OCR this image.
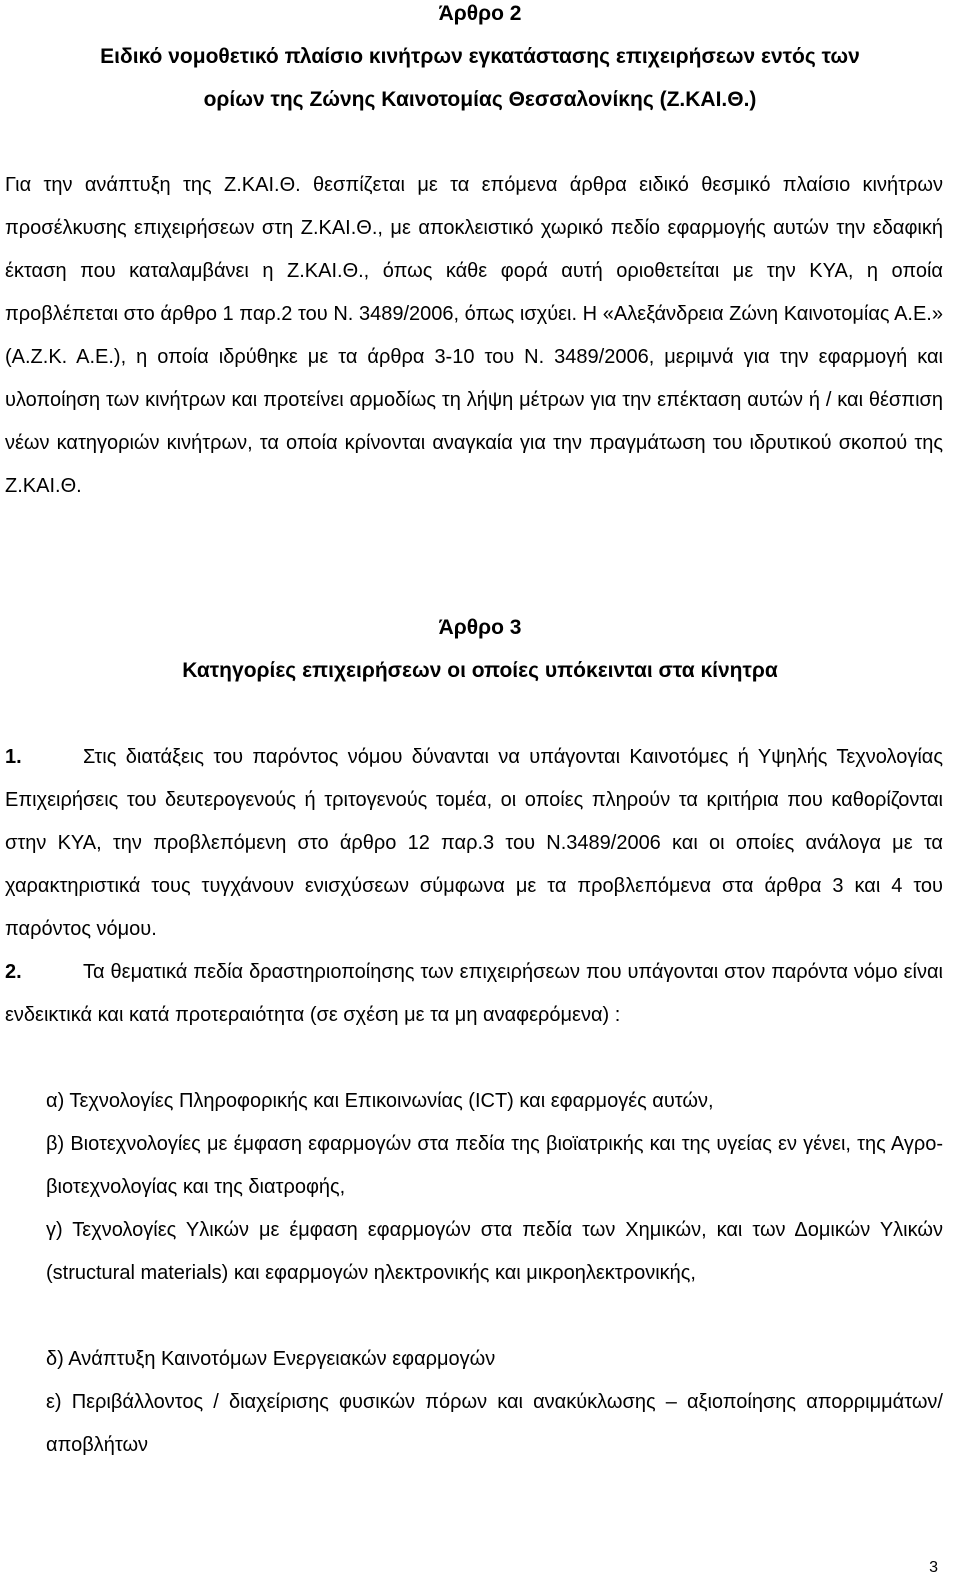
Άρθρο 2

Ειδικό νομοθετικό πλαίσιο κινήτρων εγκατάστασης επιχειρήσεων εντός των

ορίων της Ζώνης Καινοτομίας Θεσσαλονίκης (Ζ.ΚΑΙ.Θ.)

Για την ανάπτυξη της Ζ.ΚΑΙ.Θ. θεσπίζεται με τα επόμενα άρθρα ειδικό θεσμικό πλαίσιο κινήτρων προσέλκυσης επιχειρήσεων στη Ζ.ΚΑΙ.Θ., με αποκλειστικό χωρικό πεδίο εφαρμογής αυτών την εδαφική έκταση που καταλαμβάνει η Ζ.ΚΑΙ.Θ., όπως κάθε φορά αυτή οριοθετείται με την ΚΥΑ, η οποία προβλέπεται στο άρθρο 1 παρ.2 του Ν. 3489/2006, όπως ισχύει. Η «Αλεξάνδρεια Ζώνη Καινοτομίας Α.Ε.» (Α.Ζ.Κ. Α.Ε.), η οποία ιδρύθηκε με τα άρθρα 3-10 του Ν. 3489/2006, μεριμνά για την εφαρμογή και υλοποίηση των κινήτρων και προτείνει αρμοδίως τη λήψη μέτρων για την επέκταση αυτών ή / και θέσπιση νέων κατηγοριών κινήτρων, τα οποία κρίνονται αναγκαία για την πραγμάτωση του ιδρυτικού σκοπού της Ζ.ΚΑΙ.Θ.

Άρθρο 3

Κατηγορίες επιχειρήσεων οι οποίες υπόκεινται στα κίνητρα

1.	Στις διατάξεις του παρόντος νόμου δύνανται να υπάγονται Καινοτόμες ή Υψηλής Τεχνολογίας Επιχειρήσεις του δευτερογενούς ή τριτογενούς τομέα, οι οποίες πληρούν τα κριτήρια που καθορίζονται στην ΚΥΑ, την προβλεπόμενη στο άρθρο 12 παρ.3 του Ν.3489/2006 και οι οποίες ανάλογα με τα χαρακτηριστικά τους τυγχάνουν ενισχύσεων σύμφωνα με τα προβλεπόμενα στα άρθρα 3 και 4 του παρόντος νόμου.

2.	Τα θεματικά πεδία δραστηριοποίησης των επιχειρήσεων που υπάγονται στον παρόντα νόμο είναι ενδεικτικά και κατά προτεραιότητα (σε σχέση με τα μη αναφερόμενα) :

α) Τεχνολογίες Πληροφορικής και Επικοινωνίας (ICT) και εφαρμογές αυτών,

β) Βιοτεχνολογίες με έμφαση εφαρμογών στα πεδία της βιοϊατρικής και της υγείας εν γένει, της Αγρο-βιοτεχνολογίας και της διατροφής,

γ) Τεχνολογίες Υλικών με έμφαση εφαρμογών στα πεδία των Χημικών, και των Δομικών Υλικών (structural materials) και εφαρμογών ηλεκτρονικής και μικροηλεκτρονικής,

δ) Ανάπτυξη Καινοτόμων Ενεργειακών εφαρμογών

ε) Περιβάλλοντος / διαχείρισης φυσικών πόρων και ανακύκλωσης – αξιοποίησης απορριμμάτων/ αποβλήτων

3
